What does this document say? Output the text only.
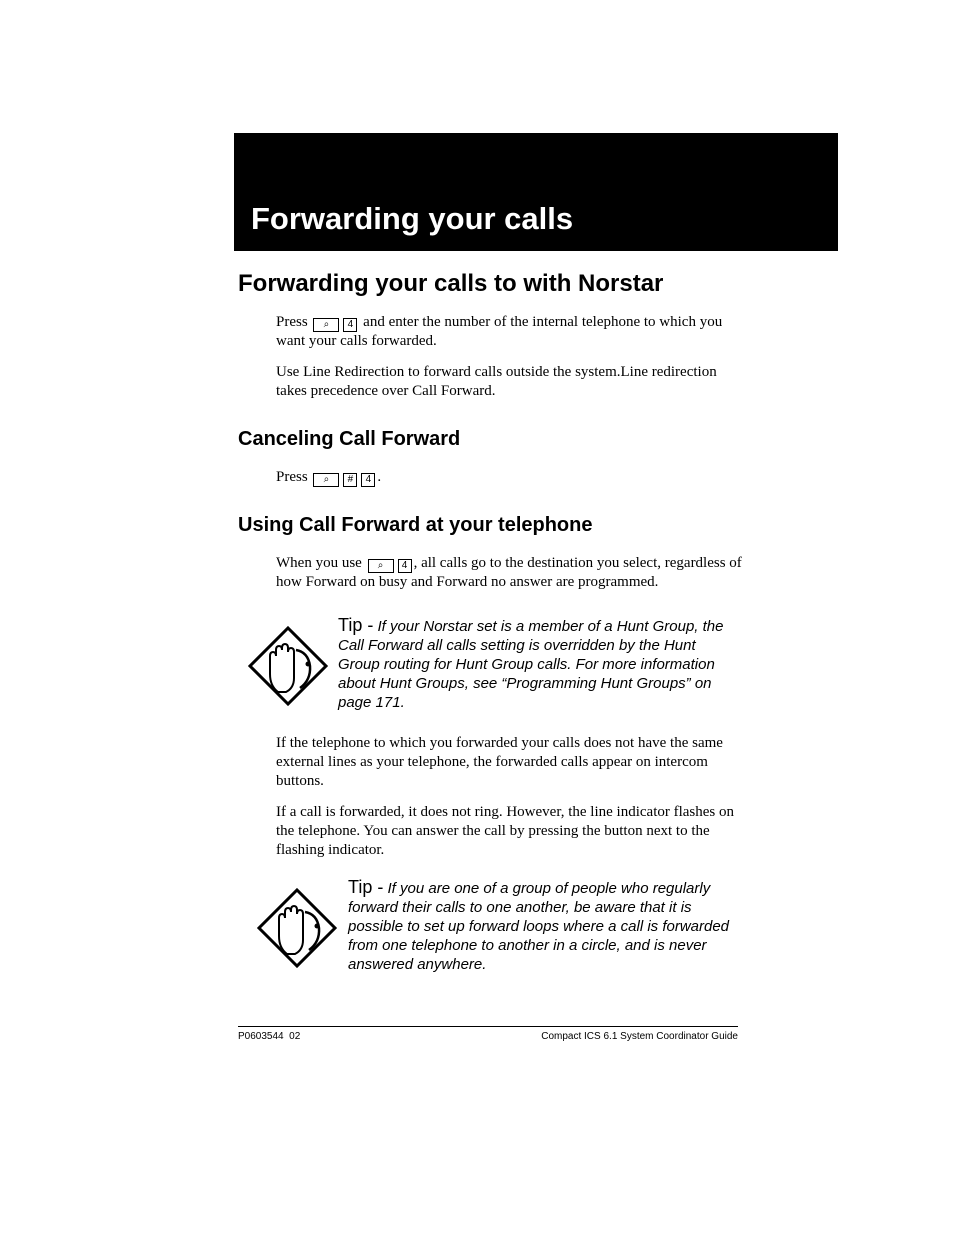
Forwarding your calls
Forwarding your calls to with Norstar

Press ⌕ 4 and enter the number of the internal telephone to which you want your calls forwarded.

Use Line Redirection to forward calls outside the system.Line redirection takes precedence over Call Forward.

Canceling Call Forward

Press ⌕ # 4 .

Using Call Forward at your telephone

When you use ⌕ 4 , all calls go to the destination you select, regardless of how Forward on busy and Forward no answer are programmed.

Tip - If your Norstar set is a member of a Hunt Group, the Call Forward all calls setting is overridden by the Hunt Group routing for Hunt Group calls. For more information about Hunt Groups, see “Programming Hunt Groups” on page 171.

If the telephone to which you forwarded your calls does not have the same external lines as your telephone, the forwarded calls appear on intercom buttons.

If a call is forwarded, it does not ring. However, the line indicator flashes on the telephone. You can answer the call by pressing the button next to the flashing indicator.

Tip - If you are one of a group of people who regularly forward their calls to one another, be aware that it is possible to set up forward loops where a call is forwarded from one telephone to another in a circle, and is never answered anywhere.

P0603544  02	Compact ICS 6.1 System Coordinator Guide
